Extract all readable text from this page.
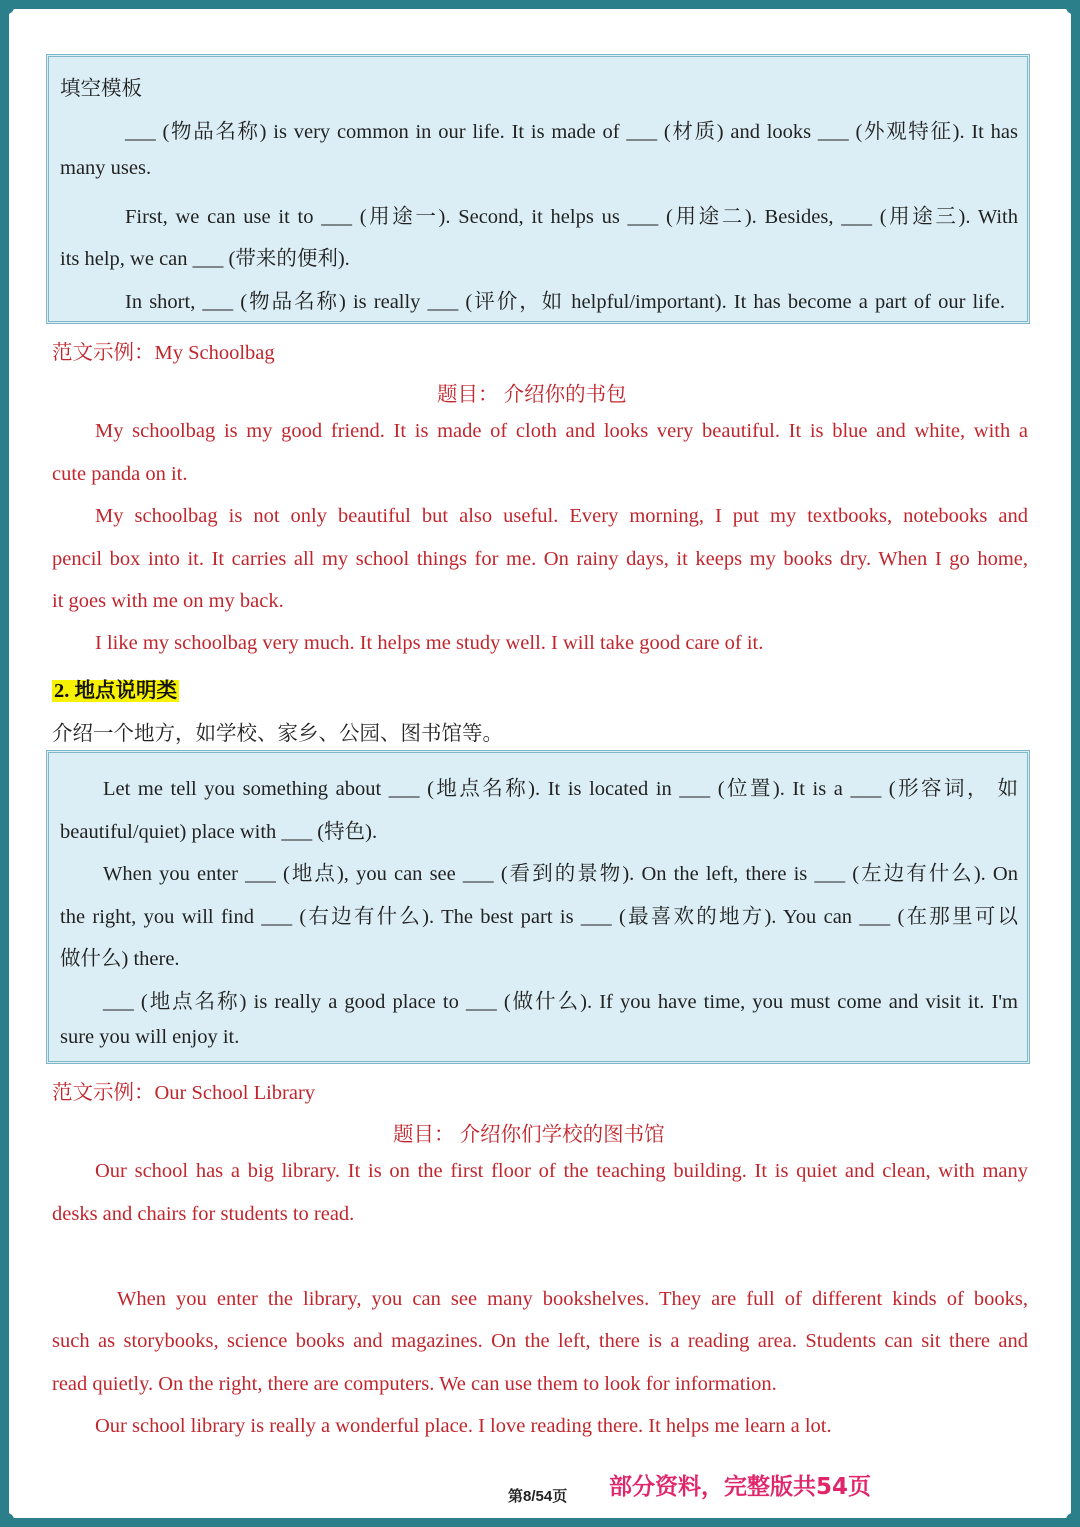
填空模板
___ (物品名称) is very common in our life. It is made of ___ (材质) and looks ___ (外观特征). It has
many uses.
First, we can use it to ___ (用途一). Second, it helps us ___ (用途二). Besides, ___ (用途三). With
its help, we can ___ (带来的便利).
In short, ___ (物品名称) is really ___ (评价，如 helpful/important). It has become a part of our life.
范文示例：My Schoolbag
题目： 介绍你的书包
My schoolbag is my good friend. It is made of cloth and looks very beautiful. It is blue and white, with a
cute panda on it.
My schoolbag is not only beautiful but also useful. Every morning, I put my textbooks, notebooks and
pencil box into it. It carries all my school things for me. On rainy days, it keeps my books dry. When I go home,
it goes with me on my back.
I like my schoolbag very much. It helps me study well. I will take good care of it.
2. 地点说明类
介绍一个地方，如学校、家乡、公园、图书馆等。
Let me tell you something about ___ (地点名称). It is located in ___ (位置). It is a ___ (形容词， 如
beautiful/quiet) place with ___ (特色).
When you enter ___ (地点), you can see ___ (看到的景物). On the left, there is ___ (左边有什么). On
the right, you will find ___ (右边有什么). The best part is ___ (最喜欢的地方). You can ___ (在那里可以
做什么) there.
___ (地点名称) is really a good place to ___ (做什么). If you have time, you must come and visit it. I'm
sure you will enjoy it.
范文示例：Our School Library
题目： 介绍你们学校的图书馆
Our school has a big library. It is on the first floor of the teaching building. It is quiet and clean, with many
desks and chairs for students to read.
When you enter the library, you can see many bookshelves. They are full of different kinds of books,
such as storybooks, science books and magazines. On the left, there is a reading area. Students can sit there and
read quietly. On the right, there are computers. We can use them to look for information.
Our school library is really a wonderful place. I love reading there. It helps me learn a lot.
第8/54页 部分资料，完整版共54页
